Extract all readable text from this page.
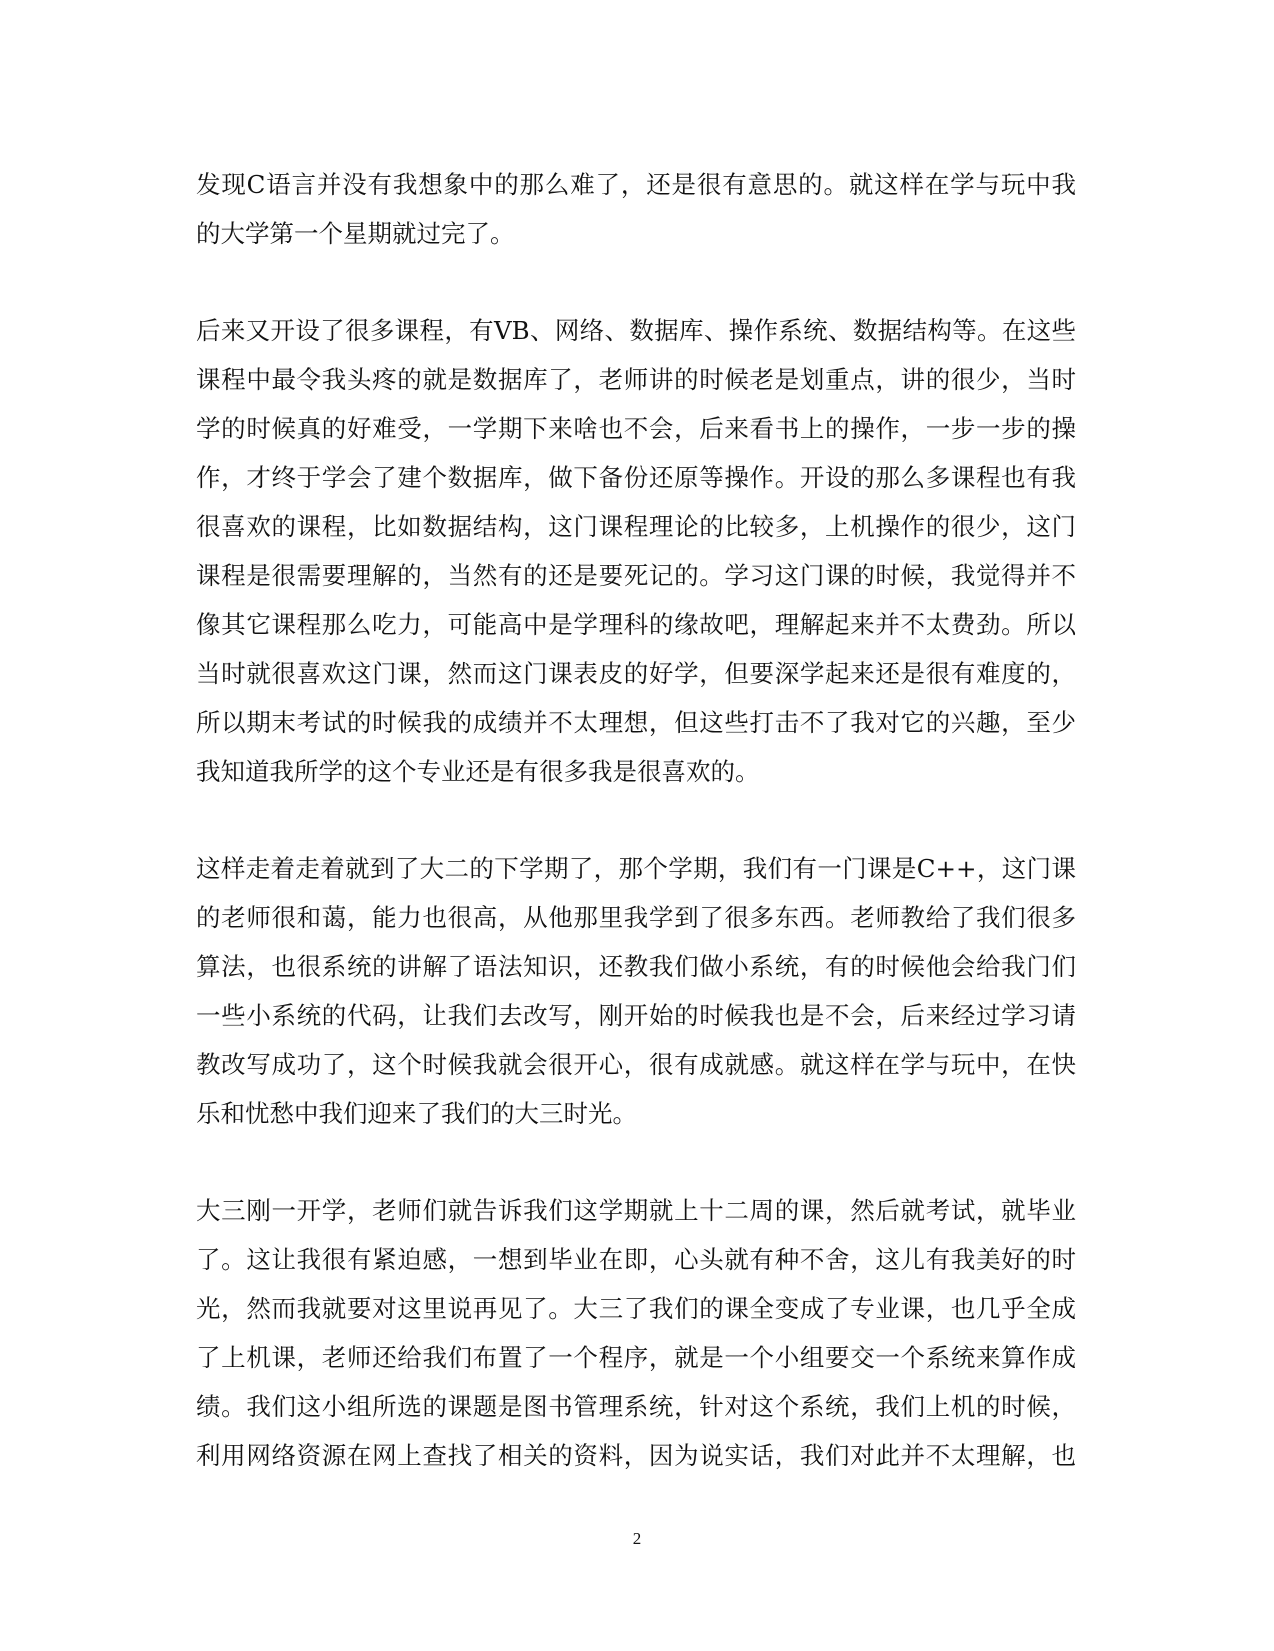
发现C语言并没有我想象中的那么难了，还是很有意思的。就这样在学与玩中我
的大学第一个星期就过完了。
后来又开设了很多课程，有VB、网络、数据库、操作系统、数据结构等。在这些
课程中最令我头疼的就是数据库了，老师讲的时候老是划重点，讲的很少，当时
学的时候真的好难受，一学期下来啥也不会，后来看书上的操作，一步一步的操
作，才终于学会了建个数据库，做下备份还原等操作。开设的那么多课程也有我
很喜欢的课程，比如数据结构，这门课程理论的比较多，上机操作的很少，这门
课程是很需要理解的，当然有的还是要死记的。学习这门课的时候，我觉得并不
像其它课程那么吃力，可能高中是学理科的缘故吧，理解起来并不太费劲。所以
当时就很喜欢这门课，然而这门课表皮的好学，但要深学起来还是很有难度的，
所以期末考试的时候我的成绩并不太理想，但这些打击不了我对它的兴趣，至少
我知道我所学的这个专业还是有很多我是很喜欢的。
这样走着走着就到了大二的下学期了，那个学期，我们有一门课是C++，这门课
的老师很和蔼，能力也很高，从他那里我学到了很多东西。老师教给了我们很多
算法，也很系统的讲解了语法知识，还教我们做小系统，有的时候他会给我门们
一些小系统的代码，让我们去改写，刚开始的时候我也是不会，后来经过学习请
教改写成功了，这个时候我就会很开心，很有成就感。就这样在学与玩中，在快
乐和忧愁中我们迎来了我们的大三时光。
大三刚一开学，老师们就告诉我们这学期就上十二周的课，然后就考试，就毕业
了。这让我很有紧迫感，一想到毕业在即，心头就有种不舍，这儿有我美好的时
光，然而我就要对这里说再见了。大三了我们的课全变成了专业课，也几乎全成
了上机课，老师还给我们布置了一个程序，就是一个小组要交一个系统来算作成
绩。我们这小组所选的课题是图书管理系统，针对这个系统，我们上机的时候，
利用网络资源在网上查找了相关的资料，因为说实话，我们对此并不太理解，也
2
